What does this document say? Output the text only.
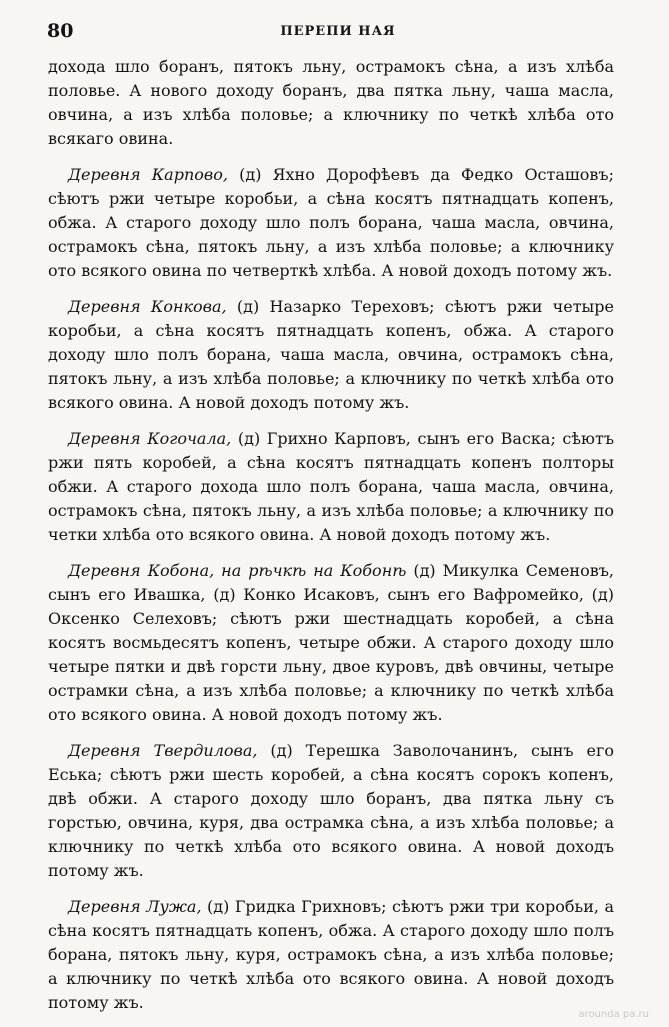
80	ПЕРЕПИ НАЯ

дохода шло боранъ, пятокъ льну, острамокъ сѣна, а изъ хлѣба половье. А нового доходу боранъ, два пятка льну, чаша масла, овчина, а изъ хлѣба половье; а ключнику по четкѣ хлѣба ото всякаго овина.

Деревня Карпово, (д) Яхно Дорофѣевъ да Федко Осташовъ; сѣютъ ржи четыре коробьи, а сѣна косятъ пятнадцать копенъ, обжа. А старого доходу шло полъ борана, чаша масла, овчина, острамокъ сѣна, пятокъ льну, а изъ хлѣба половье; а ключнику ото всякого овина по четверткѣ хлѣба. А новой доходъ потому жъ.

Деревня Конкова, (д) Назарко Тереховъ; сѣютъ ржи четыре коробьи, а сѣна косятъ пятнадцать копенъ, обжа. А старого доходу шло полъ борана, чаша масла, овчина, острамокъ сѣна, пятокъ льну, а изъ хлѣба половье; а ключнику по четкѣ хлѣба ото всякого овина. А новой доходъ потому жъ.

Деревня Когочала, (д) Грихно Карповъ, сынъ его Васка; сѣютъ ржи пять коробей, а сѣна косятъ пятнадцать копенъ полторы обжи. А старого дохода шло полъ борана, чаша масла, овчина, острамокъ сѣна, пятокъ льну, а изъ хлѣба половье; а ключнику по четки хлѣба ото всякого овина. А новой доходъ потому жъ.

Деревня Кобона, на рѣчкѣ на Кобонѣ (д) Микулка Семеновъ, сынъ его Ивашка, (д) Конко Исаковъ, сынъ его Вафромейко, (д) Оксенко Селеховъ; сѣютъ ржи шестнадцать коробей, а сѣна косятъ восмьдесятъ копенъ, четыре обжи. А старого доходу шло четыре пятки и двѣ горсти льну, двое куровъ, двѣ овчины, четыре острамки сѣна, а изъ хлѣба половье; а ключнику по четкѣ хлѣба ото всякого овина. А новой доходъ потому жъ.

Деревня Твердилова, (д) Терешка Заволочанинъ, сынъ его Еська; сѣютъ ржи шесть коробей, а сѣна косятъ сорокъ копенъ, двѣ обжи. А старого доходу шло боранъ, два пятка льну съ горстью, овчина, куря, два острамка сѣна, а изъ хлѣба половье; а ключнику по четкѣ хлѣба ото всякого овина. А новой доходъ потому жъ.

Деревня Лужа, (д) Гридка Грихновъ; сѣютъ ржи три коробьи, а сѣна косятъ пятнадцать копенъ, обжа. А старого доходу шло полъ борана, пятокъ льну, куря, острамокъ сѣна, а изъ хлѣба половье; а ключнику по четкѣ хлѣба ото всякого овина. А новой доходъ потому жъ.

arounda pa.ru
